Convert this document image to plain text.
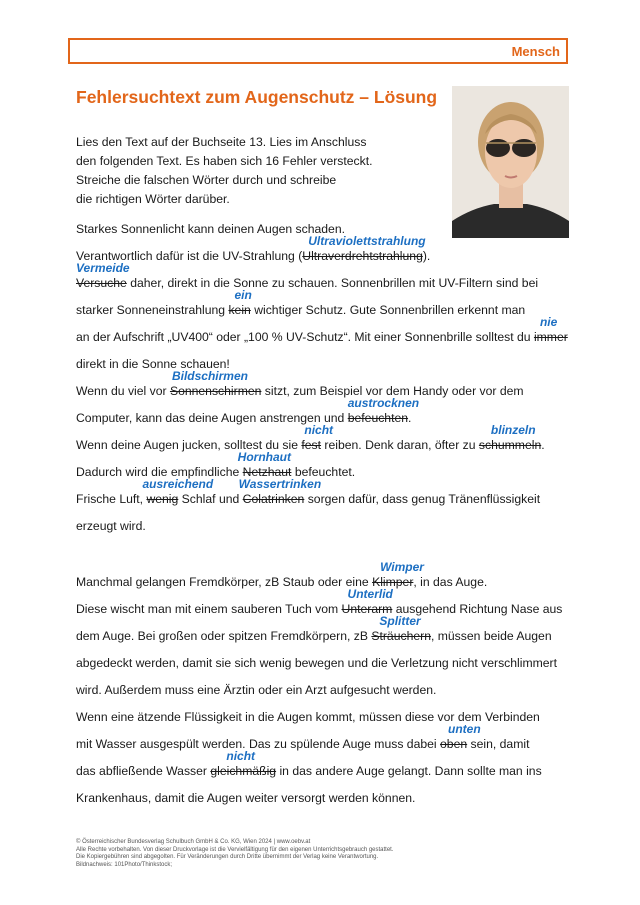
Mensch
Fehlersuchtext zum Augenschutz – Lösung
Lies den Text auf der Buchseite 13. Lies im Anschluss
den folgenden Text. Es haben sich 16 Fehler versteckt.
Streiche die falschen Wörter durch und schreibe
die richtigen Wörter darüber.
Starkes Sonnenlicht kann deinen Augen schaden.
Verantwortlich dafür ist die UV-Strahlung (Ultraverdrehtstrahlung
Ultraviolettstrahlung
).
Versuche
Vermeide
daher, direkt in die Sonne zu schauen. Sonnenbrillen mit UV-Filtern sind bei
starker Sonneneinstrahlung kein
ein
wichtiger Schutz. Gute Sonnenbrillen erkennt man
an der Aufschrift „UV400“ oder „100 % UV-Schutz“. Mit einer Sonnenbrille solltest du immer
nie
direkt in die Sonne schauen!
Wenn du viel vor Sonnenschirmen
Bildschirmen
sitzt, zum Beispiel vor dem Handy oder vor dem
Computer, kann das deine Augen anstrengen und befeuchten
austrocknen
.
Wenn deine Augen jucken, solltest du sie fest
nicht
reiben. Denk daran, öfter zu schummeln
blinzeln
.
Dadurch wird die empfindliche Netzhaut
Hornhaut
befeuchtet.
Frische Luft, wenig
ausreichend
Schlaf und Colatrinken
Wassertrinken
sorgen dafür, dass genug Tränenflüssigkeit
erzeugt wird.
Manchmal gelangen Fremdkörper, zB Staub oder eine Klimper
Wimper
, in das Auge.
Diese wischt man mit einem sauberen Tuch vom Unterarm
Unterlid
ausgehend Richtung Nase aus
dem Auge. Bei großen oder spitzen Fremdkörpern, zB Sträuchern
Splitter
, müssen beide Augen
abgedeckt werden, damit sie sich wenig bewegen und die Verletzung nicht verschlimmert
wird. Außerdem muss eine Ärztin oder ein Arzt aufgesucht werden.
Wenn eine ätzende Flüssigkeit in die Augen kommt, müssen diese vor dem Verbinden
mit Wasser ausgespült werden. Das zu spülende Auge muss dabei oben
unten
sein, damit
das abfließende Wasser gleichmäßig
nicht
in das andere Auge gelangt. Dann sollte man ins
Krankenhaus, damit die Augen weiter versorgt werden können.
© Österreichischer Bundesverlag Schulbuch GmbH & Co. KG, Wien 2024 | www.oebv.at
Alle Rechte vorbehalten. Von dieser Druckvorlage ist die Vervielfältigung für den eigenen Unterrichtsgebrauch gestattet.
Die Kopiergebühren sind abgegolten. Für Veränderungen durch Dritte übernimmt der Verlag keine Verantwortung.
Bildnachweis: 101Photo/Thinkstock;
